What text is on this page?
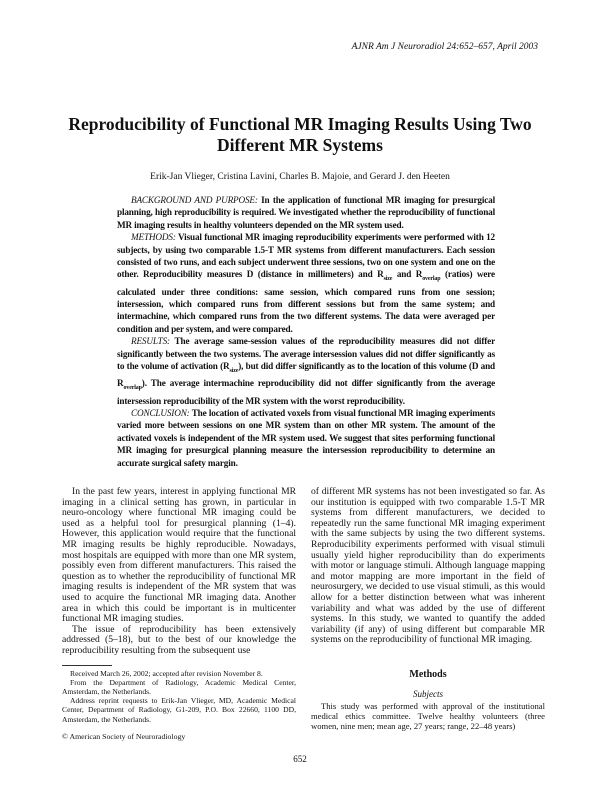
AJNR Am J Neuroradiol 24:652–657, April 2003
Reproducibility of Functional MR Imaging Results Using Two Different MR Systems
Erik-Jan Vlieger, Cristina Lavini, Charles B. Majoie, and Gerard J. den Heeten

BACKGROUND AND PURPOSE: In the application of functional MR imaging for presurgical planning, high reproducibility is required. We investigated whether the reproducibility of functional MR imaging results in healthy volunteers depended on the MR system used.

METHODS: Visual functional MR imaging reproducibility experiments were performed with 12 subjects, by using two comparable 1.5-T MR systems from different manufacturers. Each session consisted of two runs, and each subject underwent three sessions, two on one system and one on the other. Reproducibility measures D (distance in millimeters) and $R_{size}$ and $R_{overlap}$ (ratios) were calculated under three conditions: same session, which compared runs from one session; intersession, which compared runs from different sessions but from the same system; and intermachine, which compared runs from the two different systems. The data were averaged per condition and per system, and were compared.

RESULTS: The average same-session values of the reproducibility measures did not differ significantly between the two systems. The average intersession values did not differ significantly as to the volume of activation $(R_{size})$, but did differ significantly as to the location of this volume (D and $R_{overlap}$). The average intermachine reproducibility did not differ significantly from the average intersession reproducibility of the MR system with the worst reproducibility.

CONCLUSION: The location of activated voxels from visual functional MR imaging experiments varied more between sessions on one MR system than on other MR system. The amount of the activated voxels is independent of the MR system used. We suggest that sites performing functional MR imaging for presurgical planning measure the intersession reproducibility to determine an accurate surgical safety margin.

In the past few years, interest in applying functional MR imaging in a clinical setting has grown, in particular in neuro-oncology where functional MR imaging could be used as a helpful tool for presurgical planning (1–4). However, this application would require that the functional MR imaging results be highly reproducible. Nowadays, most hospitals are equipped with more than one MR system, possibly even from different manufacturers. This raised the question as to whether the reproducibility of functional MR imaging results is independent of the MR system that was used to acquire the functional MR imaging data. Another area in which this could be important is in multicenter functional MR imaging studies.

The issue of reproducibility has been extensively addressed (5–18), but to the best of our knowledge the reproducibility resulting from the subsequent use

Received March 26, 2002; accepted after revision November 8.

From the Department of Radiology, Academic Medical Center, Amsterdam, the Netherlands.

Address reprint requests to Erik-Jan Vlieger, MD, Academic Medical Center, Department of Radiology, G1-209, P.O. Box 22660, 1100 DD, Amsterdam, the Netherlands.

© American Society of Neuroradiology

of different MR systems has not been investigated so far. As our institution is equipped with two comparable 1.5-T MR systems from different manufacturers, we decided to repeatedly run the same functional MR imaging experiment with the same subjects by using the two different systems. Reproducibility experiments performed with visual stimuli usually yield higher reproducibility than do experiments with motor or language stimuli. Although language mapping and motor mapping are more important in the field of neurosurgery, we decided to use visual stimuli, as this would allow for a better distinction between what was inherent variability and what was added by the use of different systems. In this study, we wanted to quantify the added variability (if any) of using different but comparable MR systems on the reproducibility of functional MR imaging.

Methods
Subjects

This study was performed with approval of the institutional medical ethics committee. Twelve healthy volunteers (three women, nine men; mean age, 27 years; range, 22–48 years)

652
